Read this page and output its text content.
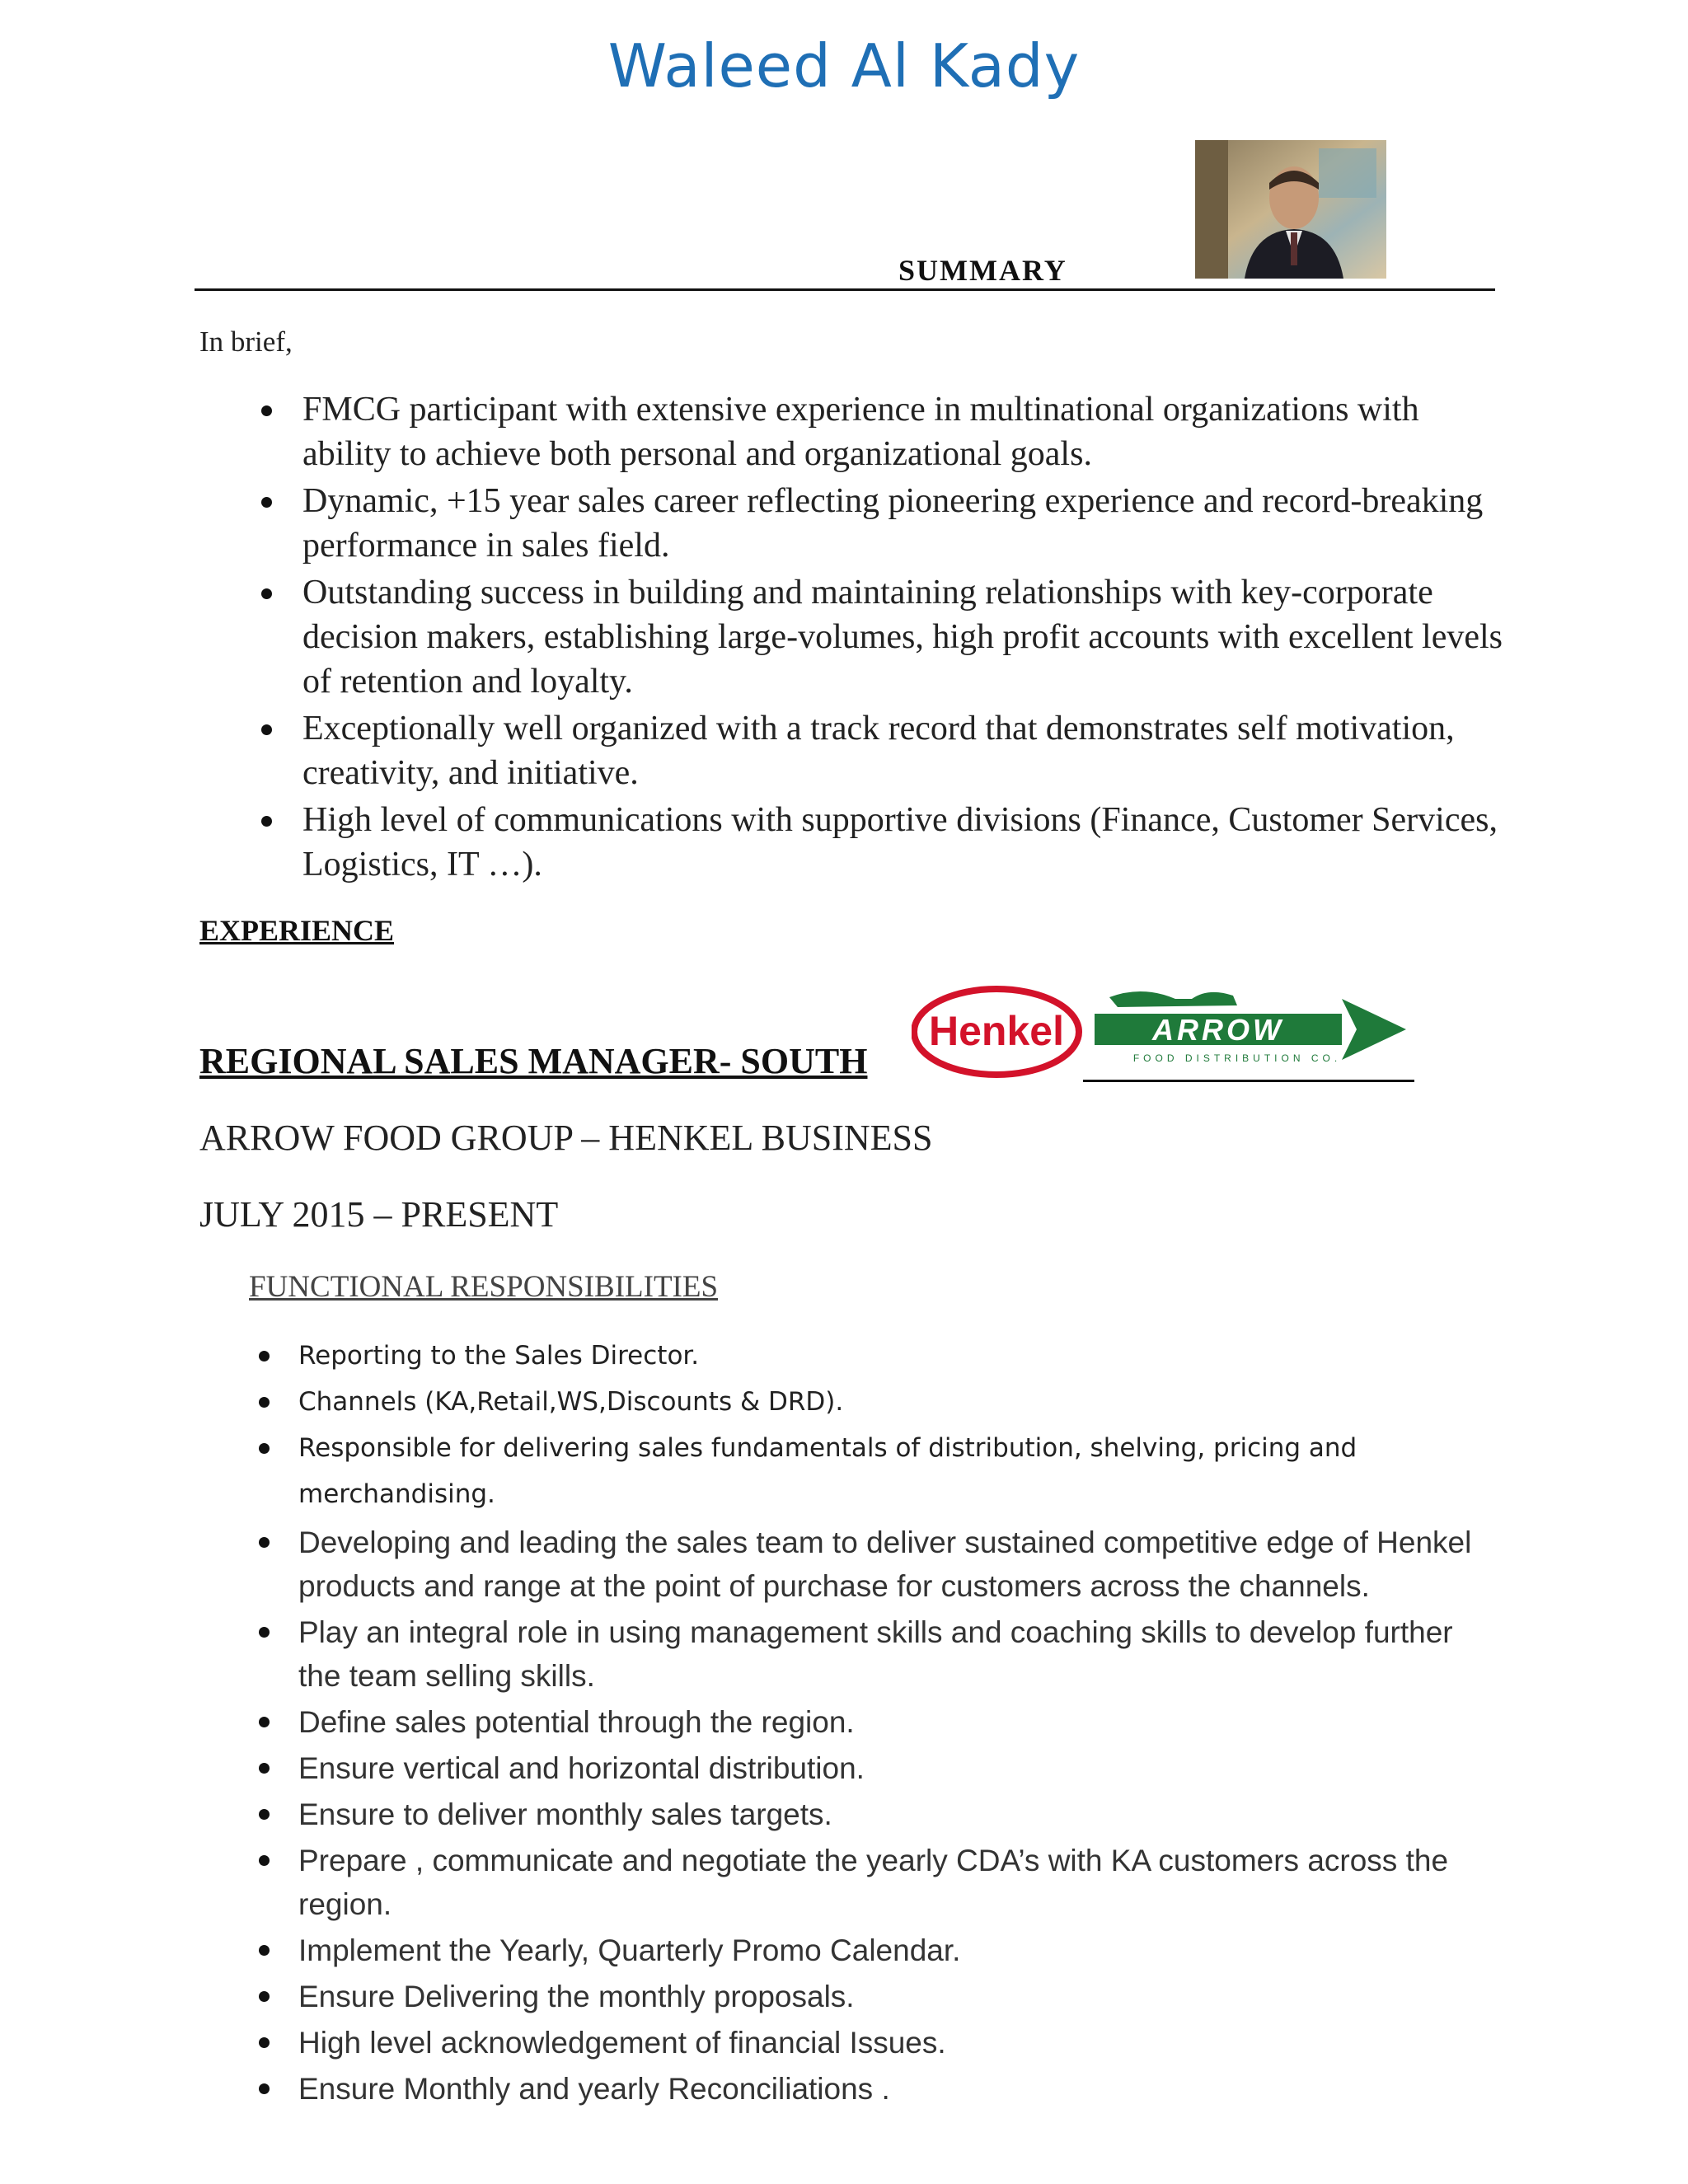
Waleed Al Kady
SUMMARY
In brief,
FMCG participant with extensive experience in multinational organizations with ability to achieve both personal and organizational goals.
Dynamic, +15 year sales career reflecting pioneering experience and record-breaking performance in sales field.
Outstanding success in building and maintaining relationships with key-corporate decision makers, establishing large-volumes, high profit accounts with excellent levels of retention and loyalty.
Exceptionally well organized with a track record that demonstrates self motivation, creativity, and initiative.
High level of communications with supportive divisions (Finance, Customer Services, Logistics, IT …).
EXPERIENCE
Henkel	ARROW
FOOD DISTRIBUTION CO.
REGIONAL SALES MANAGER- SOUTH
ARROW FOOD GROUP – HENKEL BUSINESS
JULY 2015 – PRESENT
FUNCTIONAL RESPONSIBILITIES
Reporting to the Sales Director.
Channels (KA,Retail,WS,Discounts & DRD).
Responsible for delivering sales fundamentals of distribution, shelving, pricing and merchandising.
Developing and leading the sales team to deliver sustained competitive edge of Henkel products and range at the point of purchase for customers across the channels.
Play an integral role in using management skills and coaching skills to develop further the team selling skills.
Define sales potential through the region.
Ensure vertical and horizontal distribution.
Ensure to deliver monthly sales targets.
Prepare , communicate and negotiate the yearly CDA’s with KA customers across the region.
Implement the Yearly, Quarterly Promo Calendar.
Ensure Delivering the monthly proposals.
High level acknowledgement of financial Issues.
Ensure Monthly and yearly Reconciliations .
